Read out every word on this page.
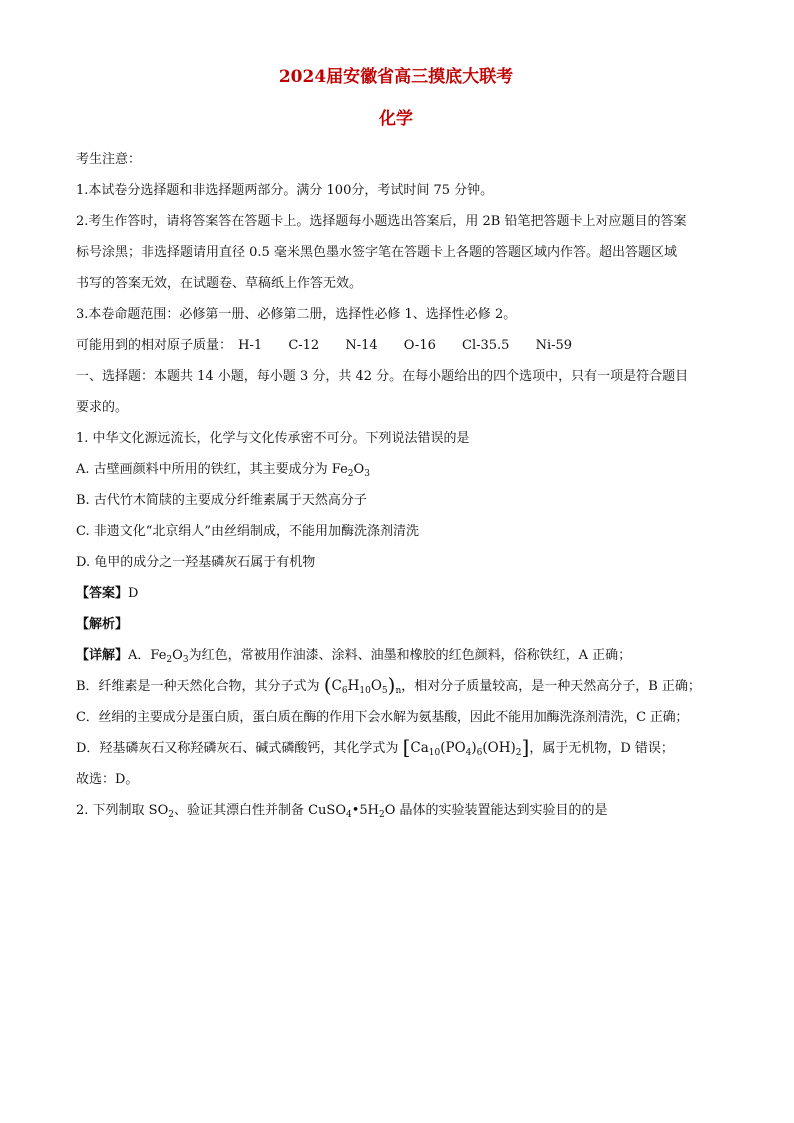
2024届安徽省高三摸底大联考
化学
考生注意：
1.本试卷分选择题和非选择题两部分。满分 100分，考试时间 75 分钟。
2.考生作答时，请将答案答在答题卡上。选择题每小题选出答案后，用 2B 铅笔把答题卡上对应题目的答案
标号涂黑；非选择题请用直径 0.5 毫米黑色墨水签字笔在答题卡上各题的答题区域内作答。超出答题区域
书写的答案无效，在试题卷、草稿纸上作答无效。
3.本卷命题范围：必修第一册、必修第二册，选择性必修 1、选择性必修 2。
可能用到的相对原子质量： H-1 C-12 N-14 O-16 Cl-35.5 Ni-59
一、选择题：本题共 14 小题，每小题 3 分，共 42 分。在每小题给出的四个选项中，只有一项是符合题目
要求的。
1. 中华文化源远流长，化学与文化传承密不可分。下列说法错误的是
A. 古壁画颜料中所用的铁红，其主要成分为 $Fe_2O_3$
B. 古代竹木简牍的主要成分纤维素属于天然高分子
C. 非遗文化“北京绢人”由丝绢制成，不能用加酶洗涤剂清洗
D. 龟甲的成分之一羟基磷灰石属于有机物
【答案】D
【解析】
【详解】A．$Fe_2O_3$为红色，常被用作油漆、涂料、油墨和橡胶的红色颜料，俗称铁红，A 正确；
B．纤维素是一种天然化合物，其分子式为 $(C_6H_{10}O_5)_n$，相对分子质量较高，是一种天然高分子，B 正确；
C．丝绢的主要成分是蛋白质，蛋白质在酶的作用下会水解为氨基酸，因此不能用加酶洗涤剂清洗，C 正确；
D．羟基磷灰石又称羟磷灰石、碱式磷酸钙，其化学式为 $[Ca_{10}(PO_4)_6(OH)_2]$，属于无机物，D 错误；
故选：D。
2. 下列制取 $SO_2$、验证其漂白性并制备 $CuSO_4•5H_2O$ 晶体的实验装置能达到实验目的的是
